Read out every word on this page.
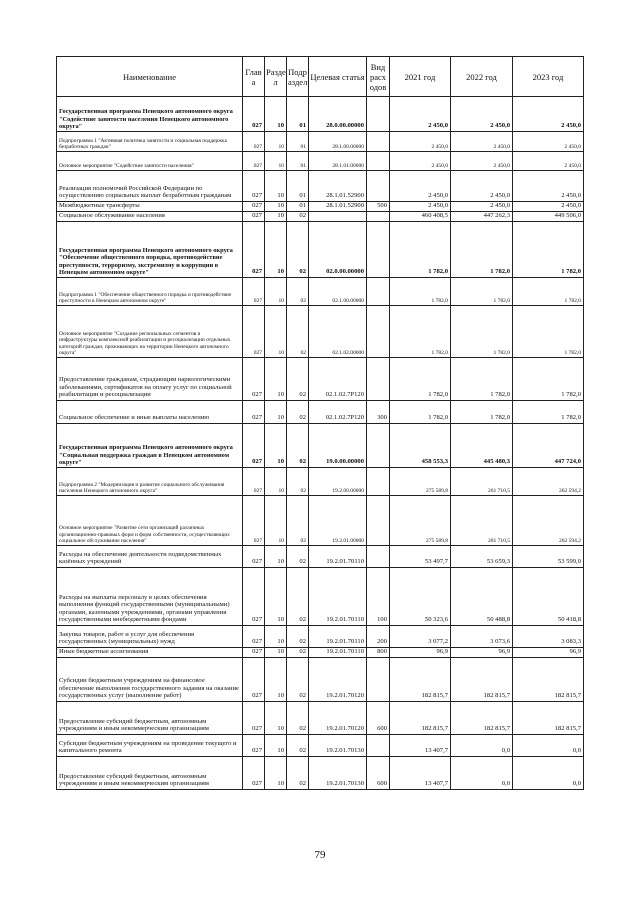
Наименование	Глав а	Разде л	Подр аздел	Целевая статья	Вид расх одов	2021 год	2022 год	2023 год
Государственная программа Ненецкого автономного округа "Содействие занятости населения Ненецкого автономного округа"	027	10	01	28.0.00.00000		2 450,0	2 450,0	2 450,0
Подпрограмма 1 "Активная политика занятости и социальная поддержка безработных граждан"	027	10	01	28.1.00.00000		2 450,0	2 450,0	2 450,0
Основное мероприятие "Содействие занятости населения"	027	10	01	28.1.01.00000		2 450,0	2 450,0	2 450,0
Реализация полномочий Российской Федерации по осуществлению социальных выплат безработным гражданам	027	10	01	28.1.01.52900		2 450,0	2 450,0	2 450,0
Межбюджетные трансферты	027	10	01	28.1.01.52900	500	2 450,0	2 450,0	2 450,0
Социальное обслуживание населения	027	10	02			460 408,5	447 262,3	449 506,0
Государственная программа Ненецкого автономного округа "Обеспечение общественного порядка, противодействие преступности, терроризму, экстремизму и коррупции в Ненецком автономном округе"	027	10	02	02.0.00.00000		1 782,0	1 782,0	1 782,0
Подпрограмма 1 "Обеспечение общественного порядка и противодействие преступности в Ненецком автономном округе"	027	10	02	02.1.00.00000		1 782,0	1 782,0	1 782,0
Основное мероприятие "Создание региональных сегментов и инфраструктуры комплексной реабилитации и ресоциализации отдельных категорий граждан, проживающих на территории Ненецкого автономного округа"	027	10	02	02.1.02.00000		1 782,0	1 782,0	1 782,0
Предоставление гражданам, страдающим наркологическими заболеваниями, сертификатов на оплату услуг по социальной реабилитации и ресоциализации	027	10	02	02.1.02.7Р120		1 782,0	1 782,0	1 782,0
Социальное обеспечение и иные выплаты населению	027	10	02	02.1.02.7Р120	300	1 782,0	1 782,0	1 782,0
Государственная программа Ненецкого автономного округа "Социальная поддержка граждан в Ненецком автономном округе"	027	10	02	19.0.00.00000		458 553,3	445 480,3	447 724,0
Подпрограмма 2 "Модернизация и развитие социального обслуживания населения Ненецкого автономного округа"	027	10	02	19.2.00.00000		275 589,8	261 710,5	262 594,2
Основное мероприятие "Развитие сети организаций различных организационно-правовых форм и форм собственности, осуществляющих социальное обслуживание населения"	027	10	02	19.2.01.00000		275 589,8	261 710,5	262 594,2
Расходы на обеспечение деятельности подведомственных казённых учреждений	027	10	02	19.2.01.70110		53 497,7	53 659,3	53 599,0
Расходы на выплаты персоналу в целях обеспечения выполнения функций государственными (муниципальными) органами, казенными учреждениями, органами управления государственными внебюджетными фондами	027	10	02	19.2.01.70110	100	50 323,6	50 488,8	50 418,8
Закупка товаров, работ и услуг для обеспечения государственных (муниципальных) нужд	027	10	02	19.2.01.70110	200	3 077,2	3 073,6	3 083,3
Иные бюджетные ассигнования	027	10	02	19.2.01.70110	800	96,9	96,9	96,9
Субсидии бюджетным учреждениям на финансовое обеспечение выполнения государственного задания на оказание государственных услуг (выполнение работ)	027	10	02	19.2.01.70120		182 815,7	182 815,7	182 815,7
Предоставление субсидий бюджетным, автономным учреждениям и иным некоммерческим организациям	027	10	02	19.2.01.70120	600	182 815,7	182 815,7	182 815,7
Субсидии бюджетным учреждениям на проведение текущего и капитального ремонта	027	10	02	19.2.01.70130		13 407,7	0,0	0,0
Предоставление субсидий бюджетным, автономным учреждениям и иным некоммерческим организациям	027	10	02	19.2.01.70130	600	13 407,7	0,0	0,0
79
